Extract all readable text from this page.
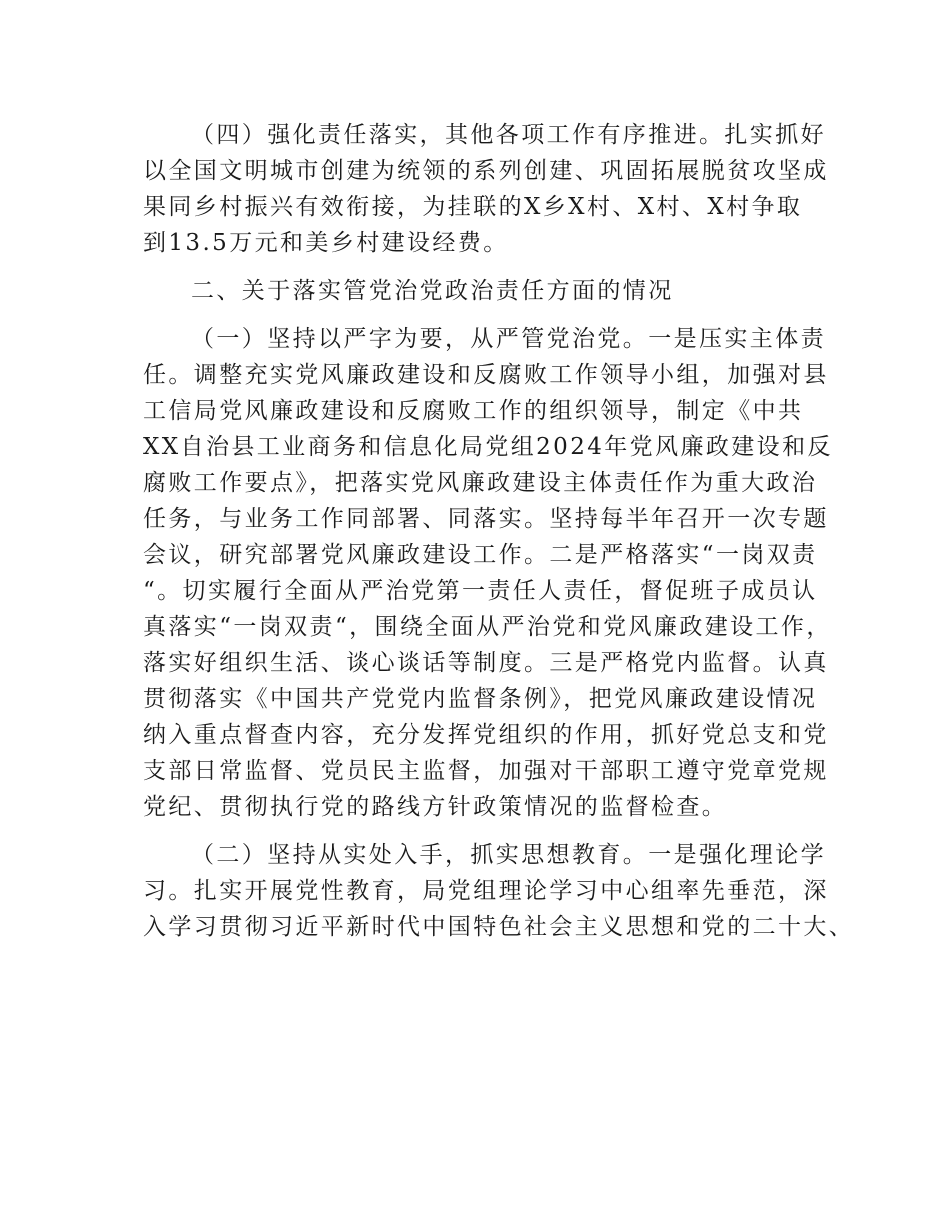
（四）强化责任落实，其他各项工作有序推进。扎实抓好
以全国文明城市创建为统领的系列创建、巩固拓展脱贫攻坚成
果同乡村振兴有效衔接，为挂联的X乡X村、X村、X村争取
到13.5万元和美乡村建设经费。
二、关于落实管党治党政治责任方面的情况
（一）坚持以严字为要，从严管党治党。一是压实主体责
任。调整充实党风廉政建设和反腐败工作领导小组，加强对县
工信局党风廉政建设和反腐败工作的组织领导，制定《中共
XX自治县工业商务和信息化局党组2024年党风廉政建设和反
腐败工作要点》，把落实党风廉政建设主体责任作为重大政治
任务，与业务工作同部署、同落实。坚持每半年召开一次专题
会议，研究部署党风廉政建设工作。二是严格落实“一岗双责
“。切实履行全面从严治党第一责任人责任，督促班子成员认
真落实“一岗双责“，围绕全面从严治党和党风廉政建设工作，
落实好组织生活、谈心谈话等制度。三是严格党内监督。认真
贯彻落实《中国共产党党内监督条例》，把党风廉政建设情况
纳入重点督查内容，充分发挥党组织的作用，抓好党总支和党
支部日常监督、党员民主监督，加强对干部职工遵守党章党规
党纪、贯彻执行党的路线方针政策情况的监督检查。
（二）坚持从实处入手，抓实思想教育。一是强化理论学
习。扎实开展党性教育，局党组理论学习中心组率先垂范，深
入学习贯彻习近平新时代中国特色社会主义思想和党的二十大、
